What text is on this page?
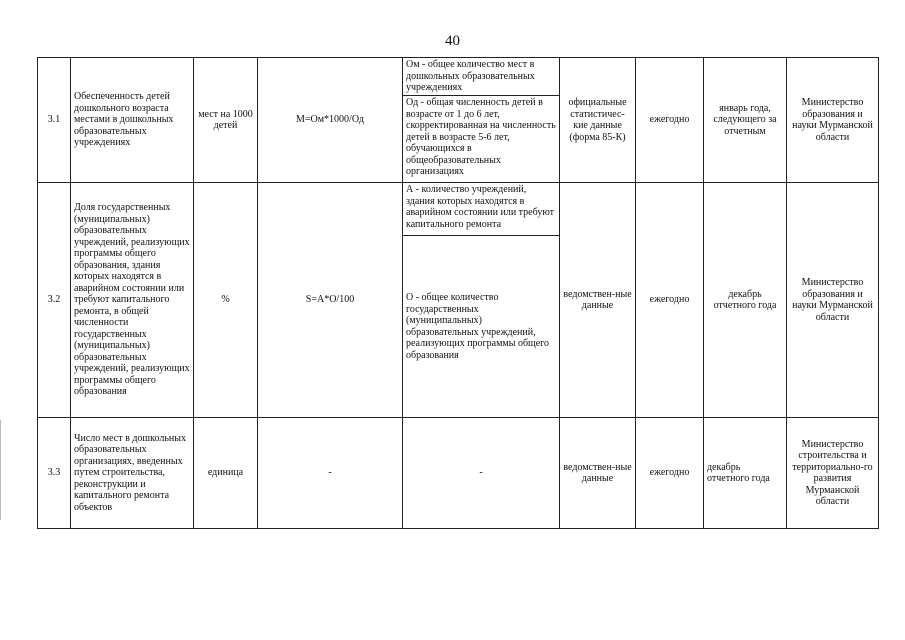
40
3.1	Обеспеченность детей дошкольного возраста местами в дошкольных образовательных учреждениях	мест на 1000 детей	М=Ом*1000/Од	Ом - общее количество мест в дошкольных образовательных учреждениях	официальные статистичес-кие данные (форма 85-К)	ежегодно	январь года, следующего за отчетным	Министерство образования и науки Мурманской области
				Од - общая численность детей в возрасте от 1 до 6 лет, скорректированная на численность детей в возрасте 5-6 лет, обучающихся в общеобразовательных организациях				
3.2	Доля государственных (муниципальных) образовательных учреждений, реализующих программы общего образования, здания которых находятся в аварийном состоянии или требуют капитального ремонта, в общей численности государственных (муниципальных) образовательных учреждений, реализующих программы общего образования	%	S=A*O/100	А - количество учреждений, здания которых находятся в аварийном состоянии или требуют капитального ремонта	ведомствен-ные данные	ежегодно	декабрь отчетного года	Министерство образования и науки Мурманской области
				О - общее количество государственных (муниципальных) образовательных учреждений, реализующих программы общего образования				
3.3	Число мест в дошкольных образовательных организациях, введенных путем строительства, реконструкции и капитального ремонта объектов	единица	-	-	ведомствен-ные данные	ежегодно	декабрь отчетного года	Министерство строительства и территориально-го развития Мурманской области
